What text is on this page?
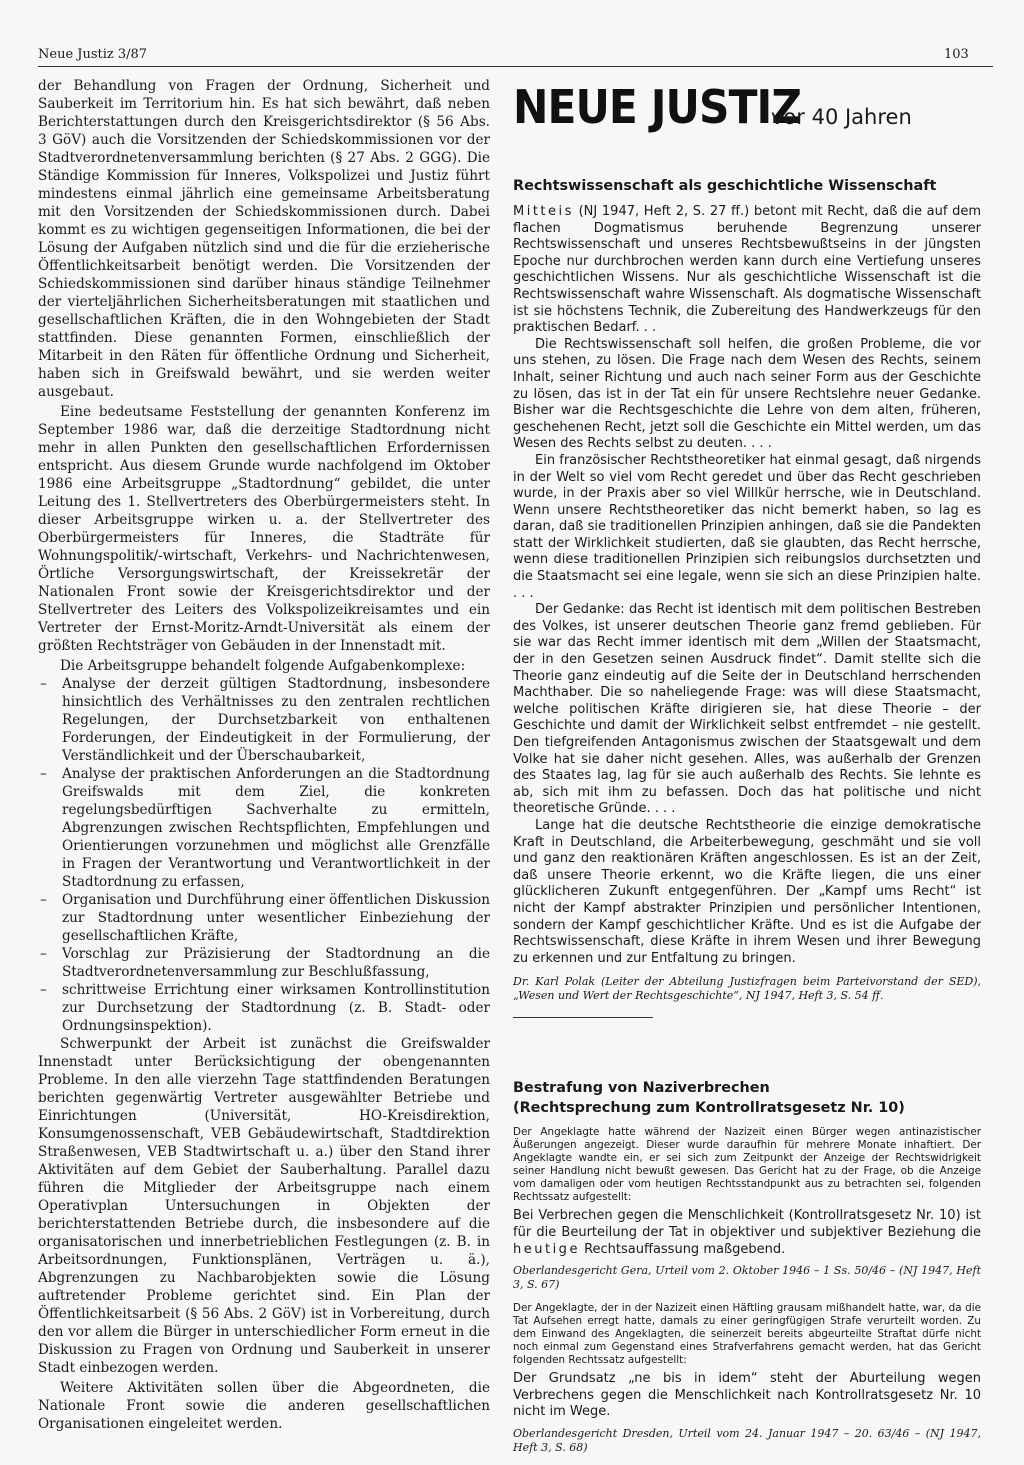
Neue Justiz 3/87	103

der Behandlung von Fragen der Ordnung, Sicherheit und Sauberkeit im Territorium hin. Es hat sich bewährt, daß neben Berichterstattungen durch den Kreisgerichtsdirektor (§ 56 Abs. 3 GöV) auch die Vorsitzenden der Schiedskommissionen vor der Stadtverordnetenversammlung berichten (§ 27 Abs. 2 GGG). Die Ständige Kommission für Inneres, Volkspolizei und Justiz führt mindestens einmal jährlich eine gemeinsame Arbeitsberatung mit den Vorsitzenden der Schiedskommissionen durch. Dabei kommt es zu wichtigen gegenseitigen Informationen, die bei der Lösung der Aufgaben nützlich sind und die für die erzieherische Öffentlichkeitsarbeit benötigt werden. Die Vorsitzenden der Schiedskommissionen sind darüber hinaus ständige Teilnehmer der vierteljährlichen Sicherheitsberatungen mit staatlichen und gesellschaftlichen Kräften, die in den Wohngebieten der Stadt stattfinden. Diese genannten Formen, einschließlich der Mitarbeit in den Räten für öffentliche Ordnung und Sicherheit, haben sich in Greifswald bewährt, und sie werden weiter ausgebaut.

Eine bedeutsame Feststellung der genannten Konferenz im September 1986 war, daß die derzeitige Stadtordnung nicht mehr in allen Punkten den gesellschaftlichen Erfordernissen entspricht. Aus diesem Grunde wurde nachfolgend im Oktober 1986 eine Arbeitsgruppe „Stadtordnung“ gebildet, die unter Leitung des 1. Stellvertreters des Oberbürgermeisters steht. In dieser Arbeitsgruppe wirken u. a. der Stellvertreter des Oberbürgermeisters für Inneres, die Stadträte für Wohnungspolitik/-wirtschaft, Verkehrs- und Nachrichtenwesen, Örtliche Versorgungswirtschaft, der Kreissekretär der Nationalen Front sowie der Kreisgerichtsdirektor und der Stellvertreter des Leiters des Volkspolizeikreisamtes und ein Vertreter der Ernst-Moritz-Arndt-Universität als einem der größten Rechtsträger von Gebäuden in der Innenstadt mit.

Die Arbeitsgruppe behandelt folgende Aufgabenkomplexe:

– Analyse der derzeit gültigen Stadtordnung, insbesondere hinsichtlich des Verhältnisses zu den zentralen rechtlichen Regelungen, der Durchsetzbarkeit von enthaltenen Forderungen, der Eindeutigkeit in der Formulierung, der Verständlichkeit und der Überschaubarkeit,

– Analyse der praktischen Anforderungen an die Stadtordnung Greifswalds mit dem Ziel, die konkreten regelungsbedürftigen Sachverhalte zu ermitteln, Abgrenzungen zwischen Rechtspflichten, Empfehlungen und Orientierungen vorzunehmen und möglichst alle Grenzfälle in Fragen der Verantwortung und Verantwortlichkeit in der Stadtordnung zu erfassen,

– Organisation und Durchführung einer öffentlichen Diskussion zur Stadtordnung unter wesentlicher Einbeziehung der gesellschaftlichen Kräfte,

– Vorschlag zur Präzisierung der Stadtordnung an die Stadtverordnetenversammlung zur Beschlußfassung,

– schrittweise Errichtung einer wirksamen Kontrollinstitution zur Durchsetzung der Stadtordnung (z. B. Stadt- oder Ordnungsinspektion).

Schwerpunkt der Arbeit ist zunächst die Greifswalder Innenstadt unter Berücksichtigung der obengenannten Probleme. In den alle vierzehn Tage stattfindenden Beratungen berichten gegenwärtig Vertreter ausgewählter Betriebe und Einrichtungen (Universität, HO-Kreisdirektion, Konsumgenossenschaft, VEB Gebäudewirtschaft, Stadtdirektion Straßenwesen, VEB Stadtwirtschaft u. a.) über den Stand ihrer Aktivitäten auf dem Gebiet der Sauberhaltung. Parallel dazu führen die Mitglieder der Arbeitsgruppe nach einem Operativplan Untersuchungen in Objekten der berichterstattenden Betriebe durch, die insbesondere auf die organisatorischen und innerbetrieblichen Festlegungen (z. B. in Arbeitsordnungen, Funktionsplänen, Verträgen u. ä.), Abgrenzungen zu Nachbarobjekten sowie die Lösung auftretender Probleme gerichtet sind. Ein Plan der Öffentlichkeitsarbeit (§ 56 Abs. 2 GöV) ist in Vorbereitung, durch den vor allem die Bürger in unterschiedlicher Form erneut in die Diskussion zu Fragen von Ordnung und Sauberkeit in unserer Stadt einbezogen werden.

Weitere Aktivitäten sollen über die Abgeordneten, die Nationale Front sowie die anderen gesellschaftlichen Organisationen eingeleitet werden.

NEUE JUSTIZ
vor 40 Jahren
Rechtswissenschaft als geschichtliche Wissenschaft

Mitteis (NJ 1947, Heft 2, S. 27 ff.) betont mit Recht, daß die auf dem flachen Dogmatismus beruhende Begrenzung unserer Rechtswissenschaft und unseres Rechtsbewußtseins in der jüngsten Epoche nur durchbrochen werden kann durch eine Vertiefung unseres geschichtlichen Wissens. Nur als geschichtliche Wissenschaft ist die Rechtswissenschaft wahre Wissenschaft. Als dogmatische Wissenschaft ist sie höchstens Technik, die Zubereitung des Handwerkzeugs für den praktischen Bedarf. . .

Die Rechtswissenschaft soll helfen, die großen Probleme, die vor uns stehen, zu lösen. Die Frage nach dem Wesen des Rechts, seinem Inhalt, seiner Richtung und auch nach seiner Form aus der Geschichte zu lösen, das ist in der Tat ein für unsere Rechtslehre neuer Gedanke. Bisher war die Rechtsgeschichte die Lehre von dem alten, früheren, geschehenen Recht, jetzt soll die Geschichte ein Mittel werden, um das Wesen des Rechts selbst zu deuten. . . .

Ein französischer Rechtstheoretiker hat einmal gesagt, daß nirgends in der Welt so viel vom Recht geredet und über das Recht geschrieben wurde, in der Praxis aber so viel Willkür herrsche, wie in Deutschland. Wenn unsere Rechtstheoretiker das nicht bemerkt haben, so lag es daran, daß sie traditionellen Prinzipien anhingen, daß sie die Pandekten statt der Wirklichkeit studierten, daß sie glaubten, das Recht herrsche, wenn diese traditionellen Prinzipien sich reibungslos durchsetzten und die Staatsmacht sei eine legale, wenn sie sich an diese Prinzipien halte. . . .

Der Gedanke: das Recht ist identisch mit dem politischen Bestreben des Volkes, ist unserer deutschen Theorie ganz fremd geblieben. Für sie war das Recht immer identisch mit dem „Willen der Staatsmacht, der in den Gesetzen seinen Ausdruck findet“. Damit stellte sich die Theorie ganz eindeutig auf die Seite der in Deutschland herrschenden Machthaber. Die so naheliegende Frage: was will diese Staatsmacht, welche politischen Kräfte dirigieren sie, hat diese Theorie – der Geschichte und damit der Wirklichkeit selbst entfremdet – nie gestellt. Den tiefgreifenden Antagonismus zwischen der Staatsgewalt und dem Volke hat sie daher nicht gesehen. Alles, was außerhalb der Grenzen des Staates lag, lag für sie auch außerhalb des Rechts. Sie lehnte es ab, sich mit ihm zu befassen. Doch das hat politische und nicht theoretische Gründe. . . .

Lange hat die deutsche Rechtstheorie die einzige demokratische Kraft in Deutschland, die Arbeiterbewegung, geschmäht und sie voll und ganz den reaktionären Kräften angeschlossen. Es ist an der Zeit, daß unsere Theorie erkennt, wo die Kräfte liegen, die uns einer glücklicheren Zukunft entgegenführen. Der „Kampf ums Recht“ ist nicht der Kampf abstrakter Prinzipien und persönlicher Intentionen, sondern der Kampf geschichtlicher Kräfte. Und es ist die Aufgabe der Rechtswissenschaft, diese Kräfte in ihrem Wesen und ihrer Bewegung zu erkennen und zur Entfaltung zu bringen.

Dr. Karl Polak (Leiter der Abteilung Justizfragen beim Parteivorstand der SED), „Wesen und Wert der Rechtsgeschichte“, NJ 1947, Heft 3, S. 54 ff.

Bestrafung von Naziverbrechen
(Rechtsprechung zum Kontrollratsgesetz Nr. 10)

Der Angeklagte hatte während der Nazizeit einen Bürger wegen antinazistischer Äußerungen angezeigt. Dieser wurde daraufhin für mehrere Monate inhaftiert. Der Angeklagte wandte ein, er sei sich zum Zeitpunkt der Anzeige der Rechtswidrigkeit seiner Handlung nicht bewußt gewesen. Das Gericht hat zu der Frage, ob die Anzeige vom damaligen oder vom heutigen Rechtsstandpunkt aus zu betrachten sei, folgenden Rechtssatz aufgestellt:

Bei Verbrechen gegen die Menschlichkeit (Kontrollratsgesetz Nr. 10) ist für die Beurteilung der Tat in objektiver und subjektiver Beziehung die heutige Rechtsauffassung maßgebend.

Oberlandesgericht Gera, Urteil vom 2. Oktober 1946 – 1 Ss. 50/46 – (NJ 1947, Heft 3, S. 67)

Der Angeklagte, der in der Nazizeit einen Häftling grausam mißhandelt hatte, war, da die Tat Aufsehen erregt hatte, damals zu einer geringfügigen Strafe verurteilt worden. Zu dem Einwand des Angeklagten, die seinerzeit bereits abgeurteilte Straftat dürfe nicht noch einmal zum Gegenstand eines Strafverfahrens gemacht werden, hat das Gericht folgenden Rechtssatz aufgestellt:

Der Grundsatz „ne bis in idem“ steht der Aburteilung wegen Verbrechens gegen die Menschlichkeit nach Kontrollratsgesetz Nr. 10 nicht im Wege.

Oberlandesgericht Dresden, Urteil vom 24. Januar 1947 – 20. 63/46 – (NJ 1947, Heft 3, S. 68)
